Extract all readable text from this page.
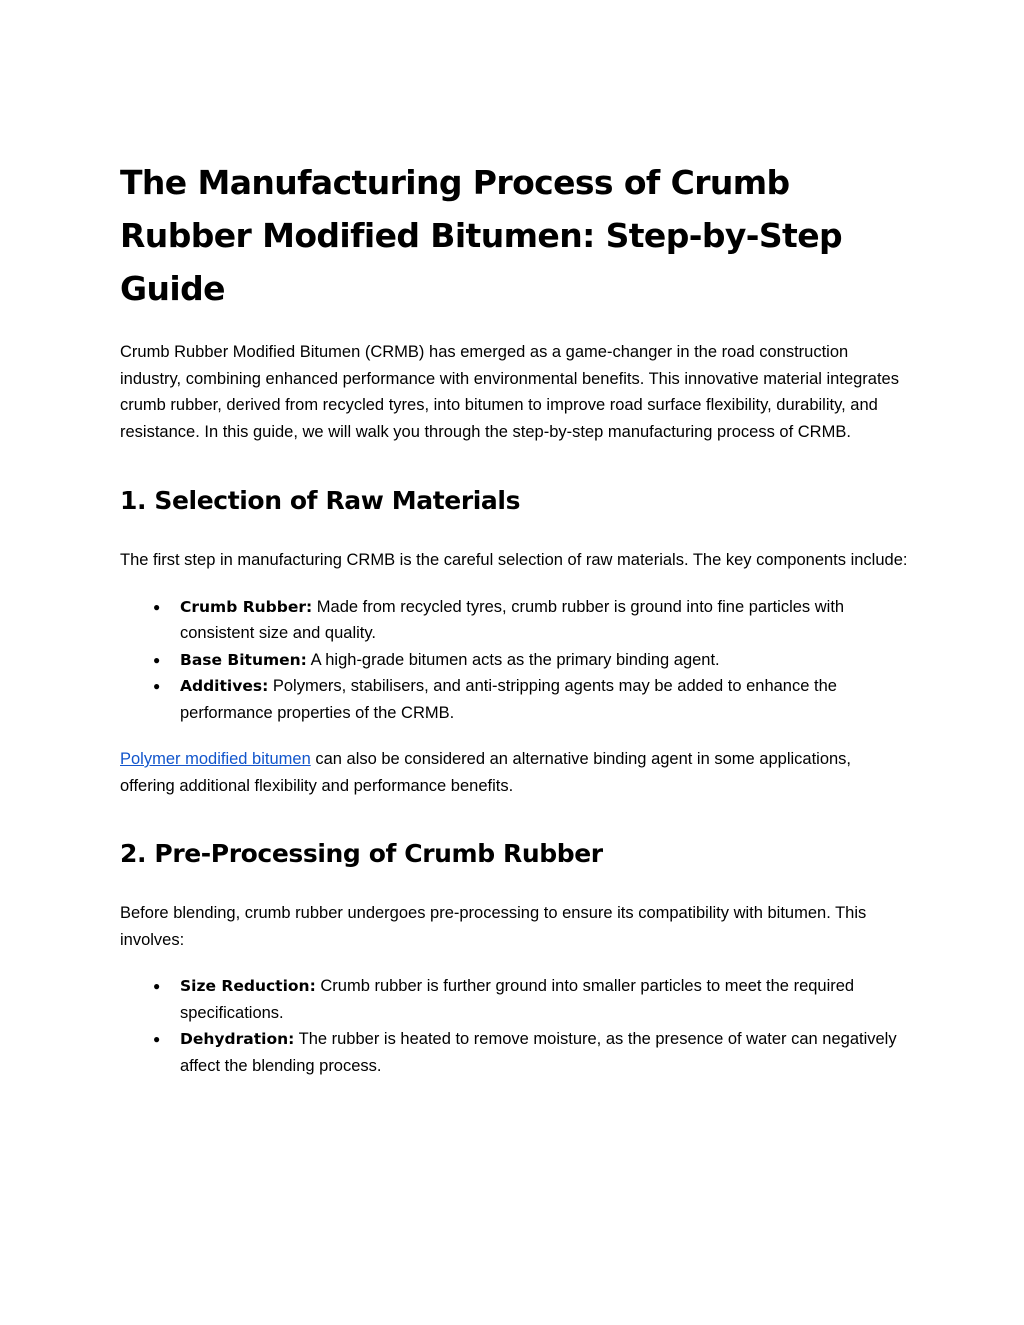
The Manufacturing Process of Crumb Rubber Modified Bitumen: Step-by-Step Guide

Crumb Rubber Modified Bitumen (CRMB) has emerged as a game-changer in the road construction industry, combining enhanced performance with environmental benefits. This innovative material integrates crumb rubber, derived from recycled tyres, into bitumen to improve road surface flexibility, durability, and resistance. In this guide, we will walk you through the step-by-step manufacturing process of CRMB.

1. Selection of Raw Materials

The first step in manufacturing CRMB is the careful selection of raw materials. The key components include:

● Crumb Rubber: Made from recycled tyres, crumb rubber is ground into fine particles with consistent size and quality.
● Base Bitumen: A high-grade bitumen acts as the primary binding agent.
● Additives: Polymers, stabilisers, and anti-stripping agents may be added to enhance the performance properties of the CRMB.

Polymer modified bitumen can also be considered an alternative binding agent in some applications, offering additional flexibility and performance benefits.

2. Pre-Processing of Crumb Rubber

Before blending, crumb rubber undergoes pre-processing to ensure its compatibility with bitumen. This involves:

● Size Reduction: Crumb rubber is further ground into smaller particles to meet the required specifications.
● Dehydration: The rubber is heated to remove moisture, as the presence of water can negatively affect the blending process.
